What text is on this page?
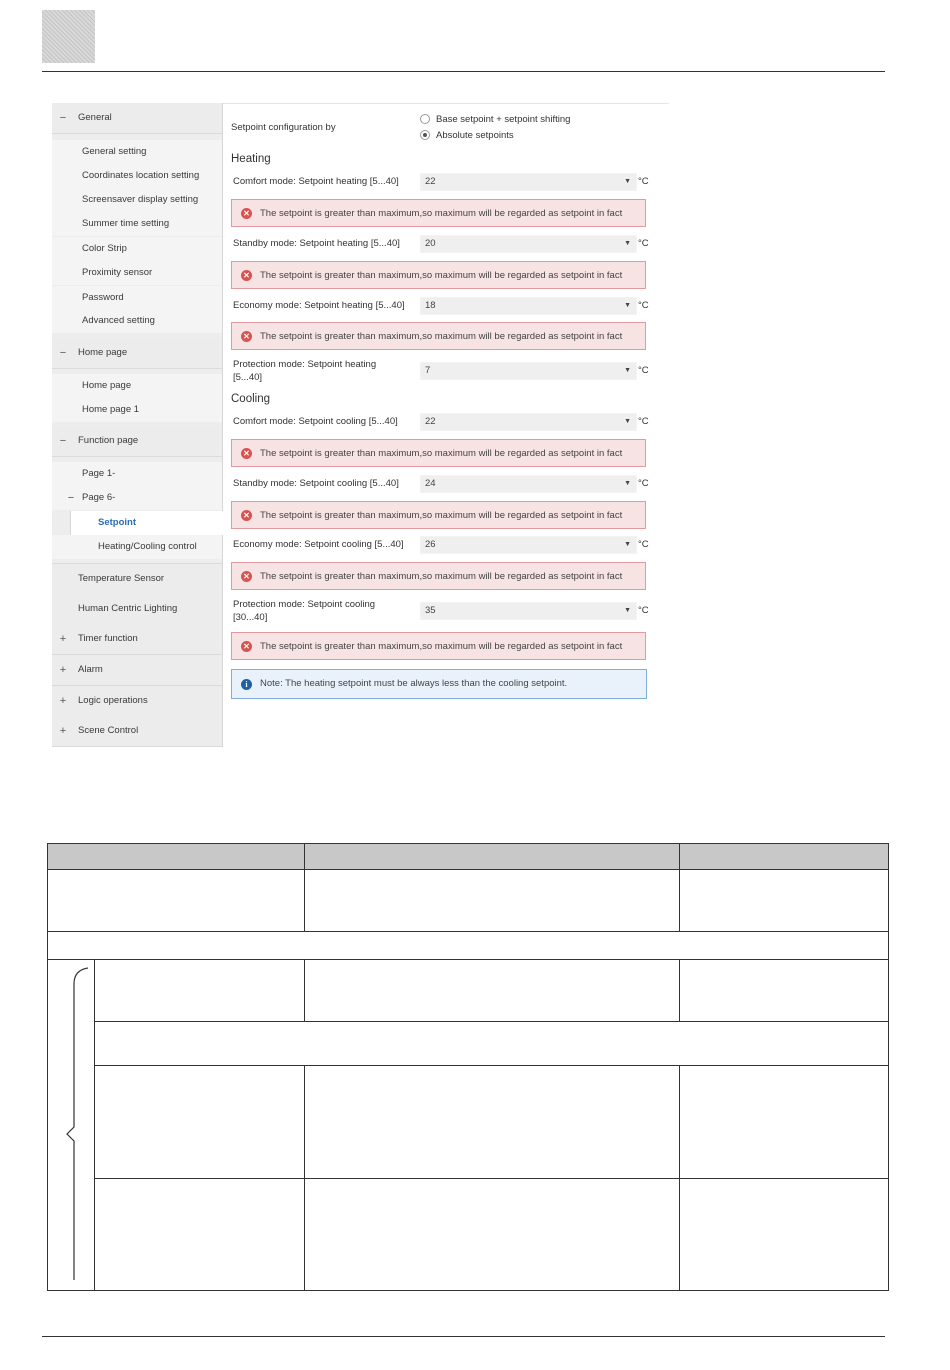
− General
General setting
Coordinates location setting
Screensaver display setting
Summer time setting
Color Strip
Proximity sensor
Password
Advanced setting
− Home page
Home page
Home page 1
− Function page
Page 1-
− Page 6-
Setpoint
Heating/Cooling control
Temperature Sensor
Human Centric Lighting
+ Timer function
+ Alarm
+ Logic operations
+ Scene Control
Setpoint configuration by
Base setpoint + setpoint shifting
Absolute setpoints
Heating
Comfort mode: Setpoint heating [5...40]	22	▼ °C
✕ The setpoint is greater than maximum,so maximum will be regarded as setpoint in fact
Standby mode: Setpoint heating [5...40]	20	▼ °C
✕ The setpoint is greater than maximum,so maximum will be regarded as setpoint in fact
Economy mode: Setpoint heating [5...40] 18	▼ °C
✕ The setpoint is greater than maximum,so maximum will be regarded as setpoint in fact
Protection mode: Setpoint heating
[5...40]
7	▼ °C
Cooling
Comfort mode: Setpoint cooling [5...40]	22	▼ °C
✕ The setpoint is greater than maximum,so maximum will be regarded as setpoint in fact
Standby mode: Setpoint cooling [5...40]	24	▼ °C
✕ The setpoint is greater than maximum,so maximum will be regarded as setpoint in fact
Economy mode: Setpoint cooling [5...40] 26	▼ °C
✕ The setpoint is greater than maximum,so maximum will be regarded as setpoint in fact
Protection mode: Setpoint cooling
[30...40]
35	▼ °C
✕ The setpoint is greater than maximum,so maximum will be regarded as setpoint in fact
i	Note: The heating setpoint must be always less than the cooling setpoint.
